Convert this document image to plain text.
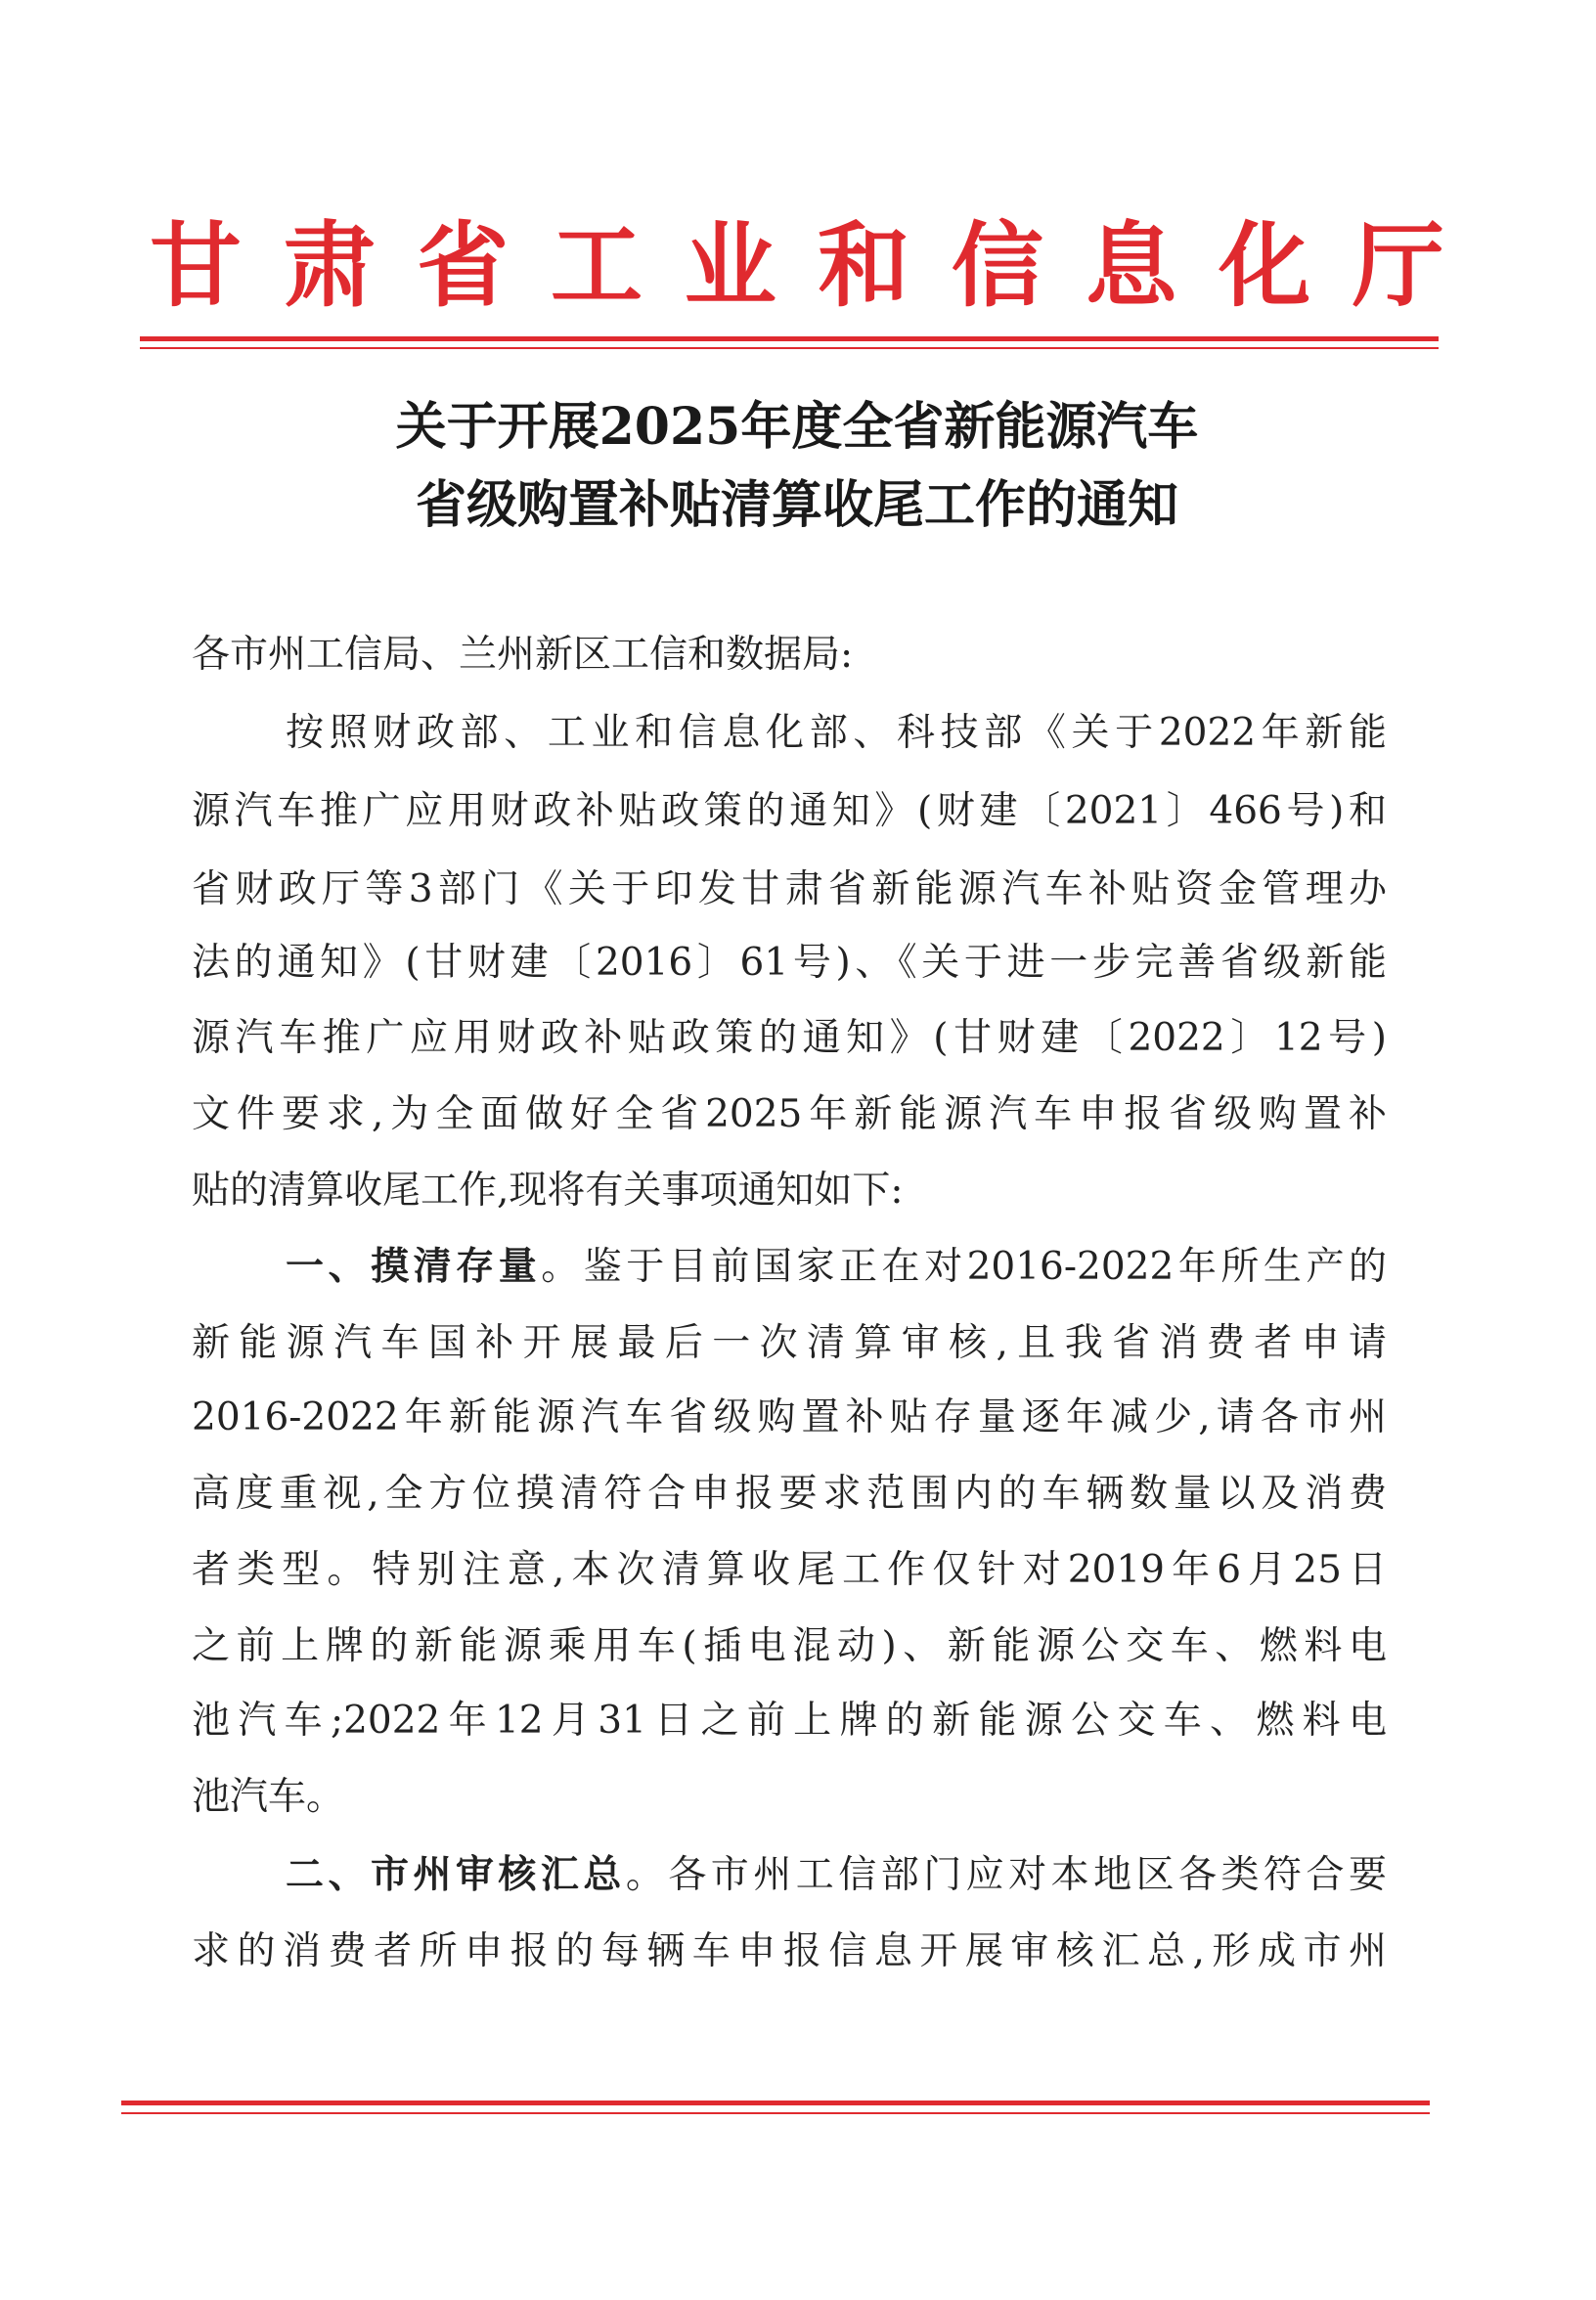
甘 肃 省 工 业 和 信 息 化 厅
关于开展2025年度全省新能源汽车
省级购置补贴清算收尾工作的通知
各市州工信局、兰州新区工信和数据局:
按照财政部、工业和信息化部、科技部《关于2022年新能
源汽车推广应用财政补贴政策的通知》(财建〔2021〕466号)和
省财政厅等3部门《关于印发甘肃省新能源汽车补贴资金管理办
法的通知》(甘财建〔2016〕61号)、《关于进一步完善省级新能
源汽车推广应用财政补贴政策的通知》(甘财建〔2022〕12号)
文件要求,为全面做好全省2025年新能源汽车申报省级购置补
贴的清算收尾工作,现将有关事项通知如下:
一、摸清存量。鉴于目前国家正在对2016-2022年所生产的
新能源汽车国补开展最后一次清算审核,且我省消费者申请
2016-2022年新能源汽车省级购置补贴存量逐年减少,请各市州
高度重视,全方位摸清符合申报要求范围内的车辆数量以及消费
者类型。特别注意,本次清算收尾工作仅针对2019年6月25日
之前上牌的新能源乘用车(插电混动)、新能源公交车、燃料电
池汽车;2022年12月31日之前上牌的新能源公交车、燃料电
池汽车。
二、市州审核汇总。各市州工信部门应对本地区各类符合要
求的消费者所申报的每辆车申报信息开展审核汇总,形成市州
